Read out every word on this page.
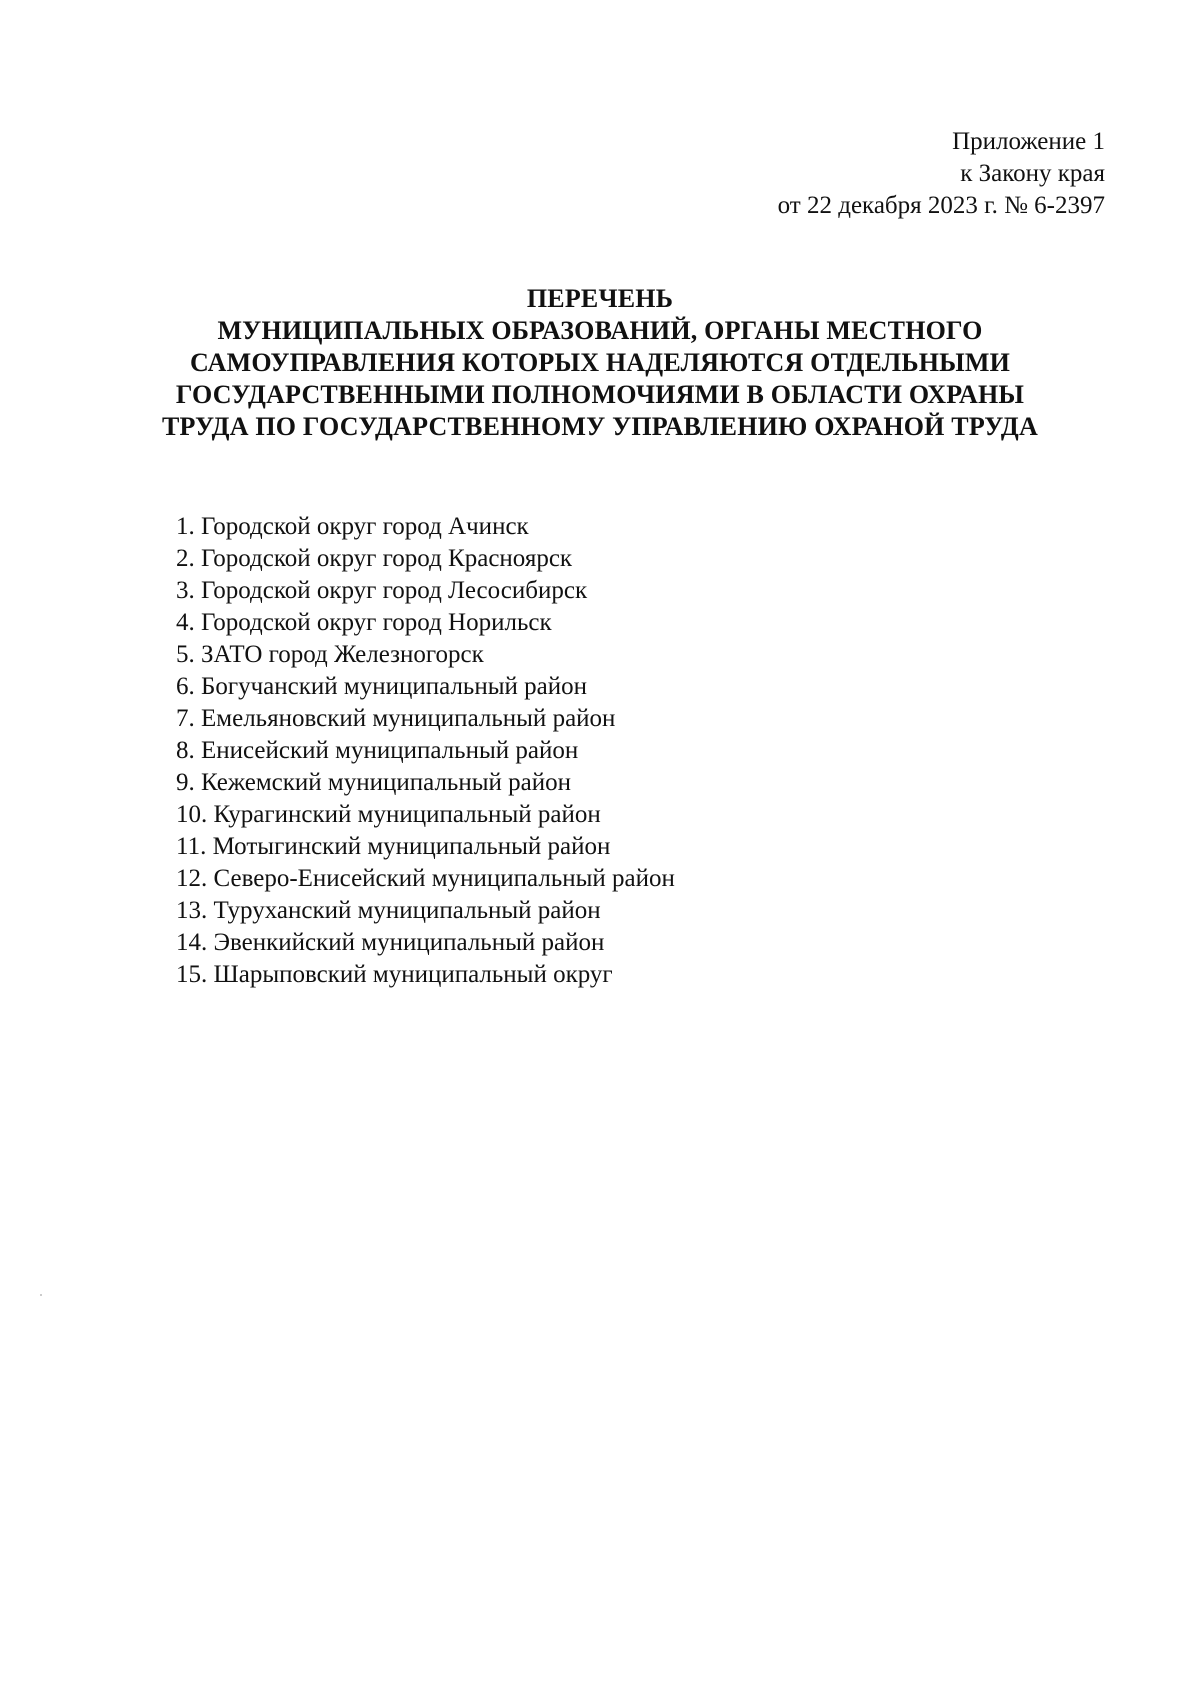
Приложение 1
к Закону края
от 22 декабря 2023 г. № 6-2397
ПЕРЕЧЕНЬ
МУНИЦИПАЛЬНЫХ ОБРАЗОВАНИЙ, ОРГАНЫ МЕСТНОГО
САМОУПРАВЛЕНИЯ КОТОРЫХ НАДЕЛЯЮТСЯ ОТДЕЛЬНЫМИ
ГОСУДАРСТВЕННЫМИ ПОЛНОМОЧИЯМИ В ОБЛАСТИ ОХРАНЫ
ТРУДА ПО ГОСУДАРСТВЕННОМУ УПРАВЛЕНИЮ ОХРАНОЙ ТРУДА
1. Городской округ город Ачинск
2. Городской округ город Красноярск
3. Городской округ город Лесосибирск
4. Городской округ город Норильск
5. ЗАТО город Железногорск
6. Богучанский муниципальный район
7. Емельяновский муниципальный район
8. Енисейский муниципальный район
9. Кежемский муниципальный район
10. Курагинский муниципальный район
11. Мотыгинский муниципальный район
12. Северо-Енисейский муниципальный район
13. Туруханский муниципальный район
14. Эвенкийский муниципальный район
15. Шарыповский муниципальный округ
